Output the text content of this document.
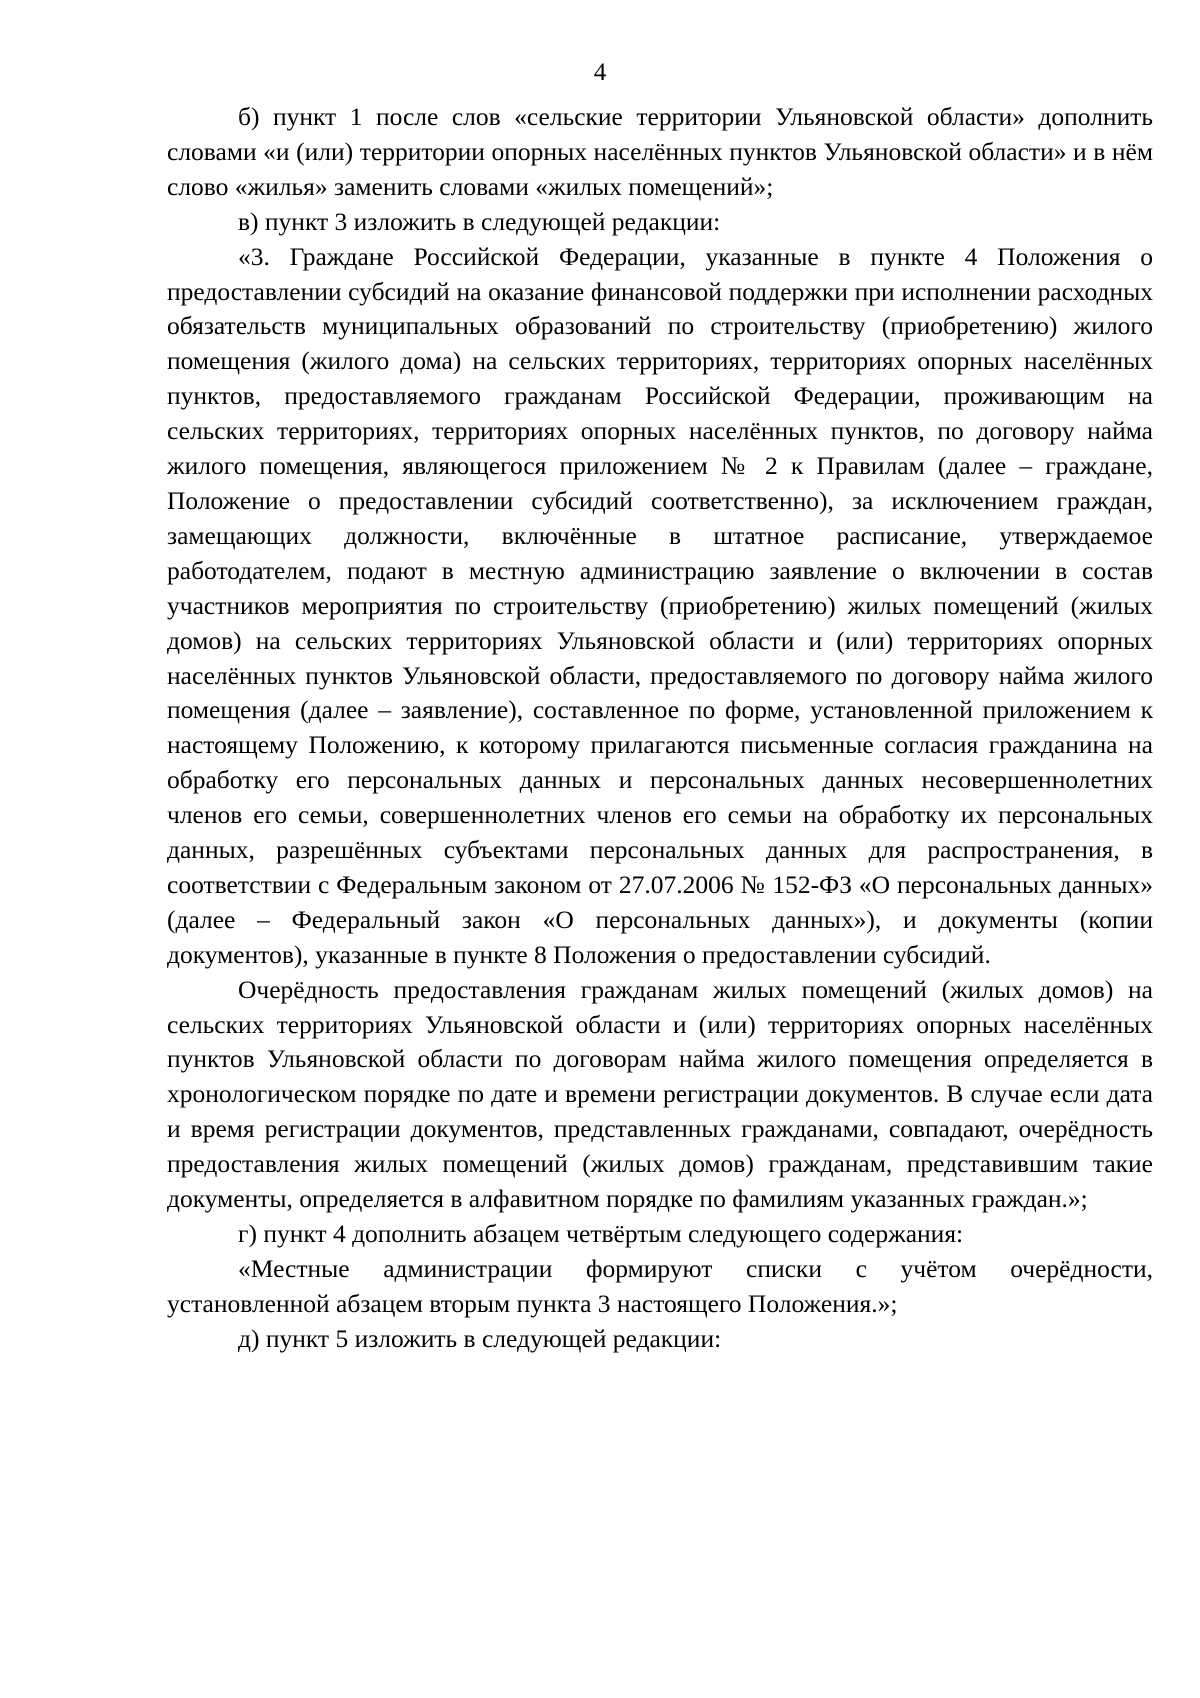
4

б) пункт 1 после слов «сельские территории Ульяновской области» дополнить словами «и (или) территории опорных населённых пунктов Ульяновской области» и в нём слово «жилья» заменить словами «жилых помещений»;

в) пункт 3 изложить в следующей редакции:

«3. Граждане Российской Федерации, указанные в пункте 4 Положения о предоставлении субсидий на оказание финансовой поддержки при исполнении расходных обязательств муниципальных образований по строительству (приобретению) жилого помещения (жилого дома) на сельских территориях, территориях опорных населённых пунктов, предоставляемого гражданам Российской Федерации, проживающим на сельских территориях, территориях опорных населённых пунктов, по договору найма жилого помещения, являющегося приложением № 2 к Правилам (далее – граждане, Положение о предоставлении субсидий соответственно), за исключением граждан, замещающих должности, включённые в штатное расписание, утверждаемое работодателем, подают в местную администрацию заявление о включении в состав участников мероприятия по строительству (приобретению) жилых помещений (жилых домов) на сельских территориях Ульяновской области и (или) территориях опорных населённых пунктов Ульяновской области, предоставляемого по договору найма жилого помещения (далее – заявление), составленное по форме, установленной приложением к настоящему Положению, к которому прилагаются письменные согласия гражданина на обработку его персональных данных и персональных данных несовершеннолетних членов его семьи, совершеннолетних членов его семьи на обработку их персональных данных, разрешённых субъектами персональных данных для распространения, в соответствии с Федеральным законом от 27.07.2006 № 152-ФЗ «О персональных данных» (далее – Федеральный закон «О персональных данных»), и документы (копии документов), указанные в пункте 8 Положения о предоставлении субсидий.

Очерёдность предоставления гражданам жилых помещений (жилых домов) на сельских территориях Ульяновской области и (или) территориях опорных населённых пунктов Ульяновской области по договорам найма жилого помещения определяется в хронологическом порядке по дате и времени регистрации документов. В случае если дата и время регистрации документов, представленных гражданами, совпадают, очерёдность предоставления жилых помещений (жилых домов) гражданам, представившим такие документы, определяется в алфавитном порядке по фамилиям указанных граждан.»;

г) пункт 4 дополнить абзацем четвёртым следующего содержания:

«Местные администрации формируют списки с учётом очерёдности, установленной абзацем вторым пункта 3 настоящего Положения.»;

д) пункт 5 изложить в следующей редакции:
